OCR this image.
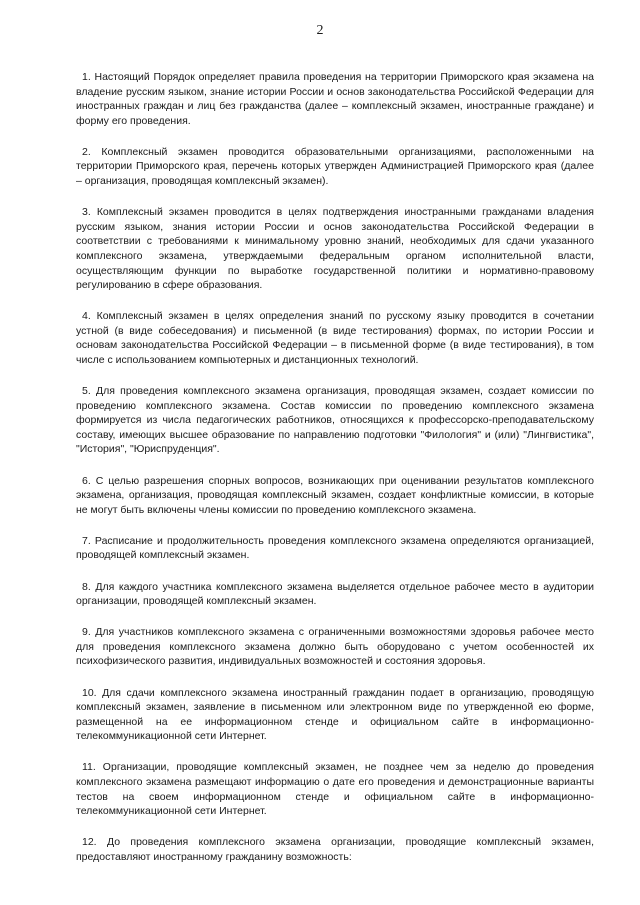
2

1. Настоящий Порядок определяет правила проведения на территории Приморского края экзамена на владение русским языком, знание истории России и основ законодательства Российской Федерации для иностранных граждан и лиц без гражданства (далее – комплексный экзамен, иностранные граждане) и форму его проведения.

2. Комплексный экзамен проводится образовательными организациями, расположенными на территории Приморского края, перечень которых утвержден Администрацией Приморского края (далее – организация, проводящая комплексный экзамен).

3. Комплексный экзамен проводится в целях подтверждения иностранными гражданами владения русским языком, знания истории России и основ законодательства Российской Федерации в соответствии с требованиями к минимальному уровню знаний, необходимых для сдачи указанного комплексного экзамена, утверждаемыми федеральным органом исполнительной власти, осуществляющим функции по выработке государственной политики и нормативно-правовому регулированию в сфере образования.

4. Комплексный экзамен в целях определения знаний по русскому языку проводится в сочетании устной (в виде собеседования) и письменной (в виде тестирования) формах, по истории России и основам законодательства Российской Федерации – в письменной форме (в виде тестирования), в том числе с использованием компьютерных и дистанционных технологий.

5. Для проведения комплексного экзамена организация, проводящая экзамен, создает комиссии по проведению комплексного экзамена. Состав комиссии по проведению комплексного экзамена формируется из числа педагогических работников, относящихся к профессорско-преподавательскому составу, имеющих высшее образование по направлению подготовки "Филология" и (или) "Лингвистика", "История", "Юриспруденция".

6. С целью разрешения спорных вопросов, возникающих при оценивании результатов комплексного экзамена, организация, проводящая комплексный экзамен, создает конфликтные комиссии, в которые не могут быть включены члены комиссии по проведению комплексного экзамена.

7. Расписание и продолжительность проведения комплексного экзамена определяются организацией, проводящей комплексный экзамен.

8. Для каждого участника комплексного экзамена выделяется отдельное рабочее место в аудитории организации, проводящей комплексный экзамен.

9. Для участников комплексного экзамена с ограниченными возможностями здоровья рабочее место для проведения комплексного экзамена должно быть оборудовано с учетом особенностей их психофизического развития, индивидуальных возможностей и состояния здоровья.

10. Для сдачи комплексного экзамена иностранный гражданин подает в организацию, проводящую комплексный экзамен, заявление в письменном или электронном виде по утвержденной ею форме, размещенной на ее информационном стенде и официальном сайте в информационно-телекоммуникационной сети Интернет.

11. Организации, проводящие комплексный экзамен, не позднее чем за неделю до проведения комплексного экзамена размещают информацию о дате его проведения и демонстрационные варианты тестов на своем информационном стенде и официальном сайте в информационно-телекоммуникационной сети Интернет.

12. До проведения комплексного экзамена организации, проводящие комплексный экзамен, предоставляют иностранному гражданину возможность:
